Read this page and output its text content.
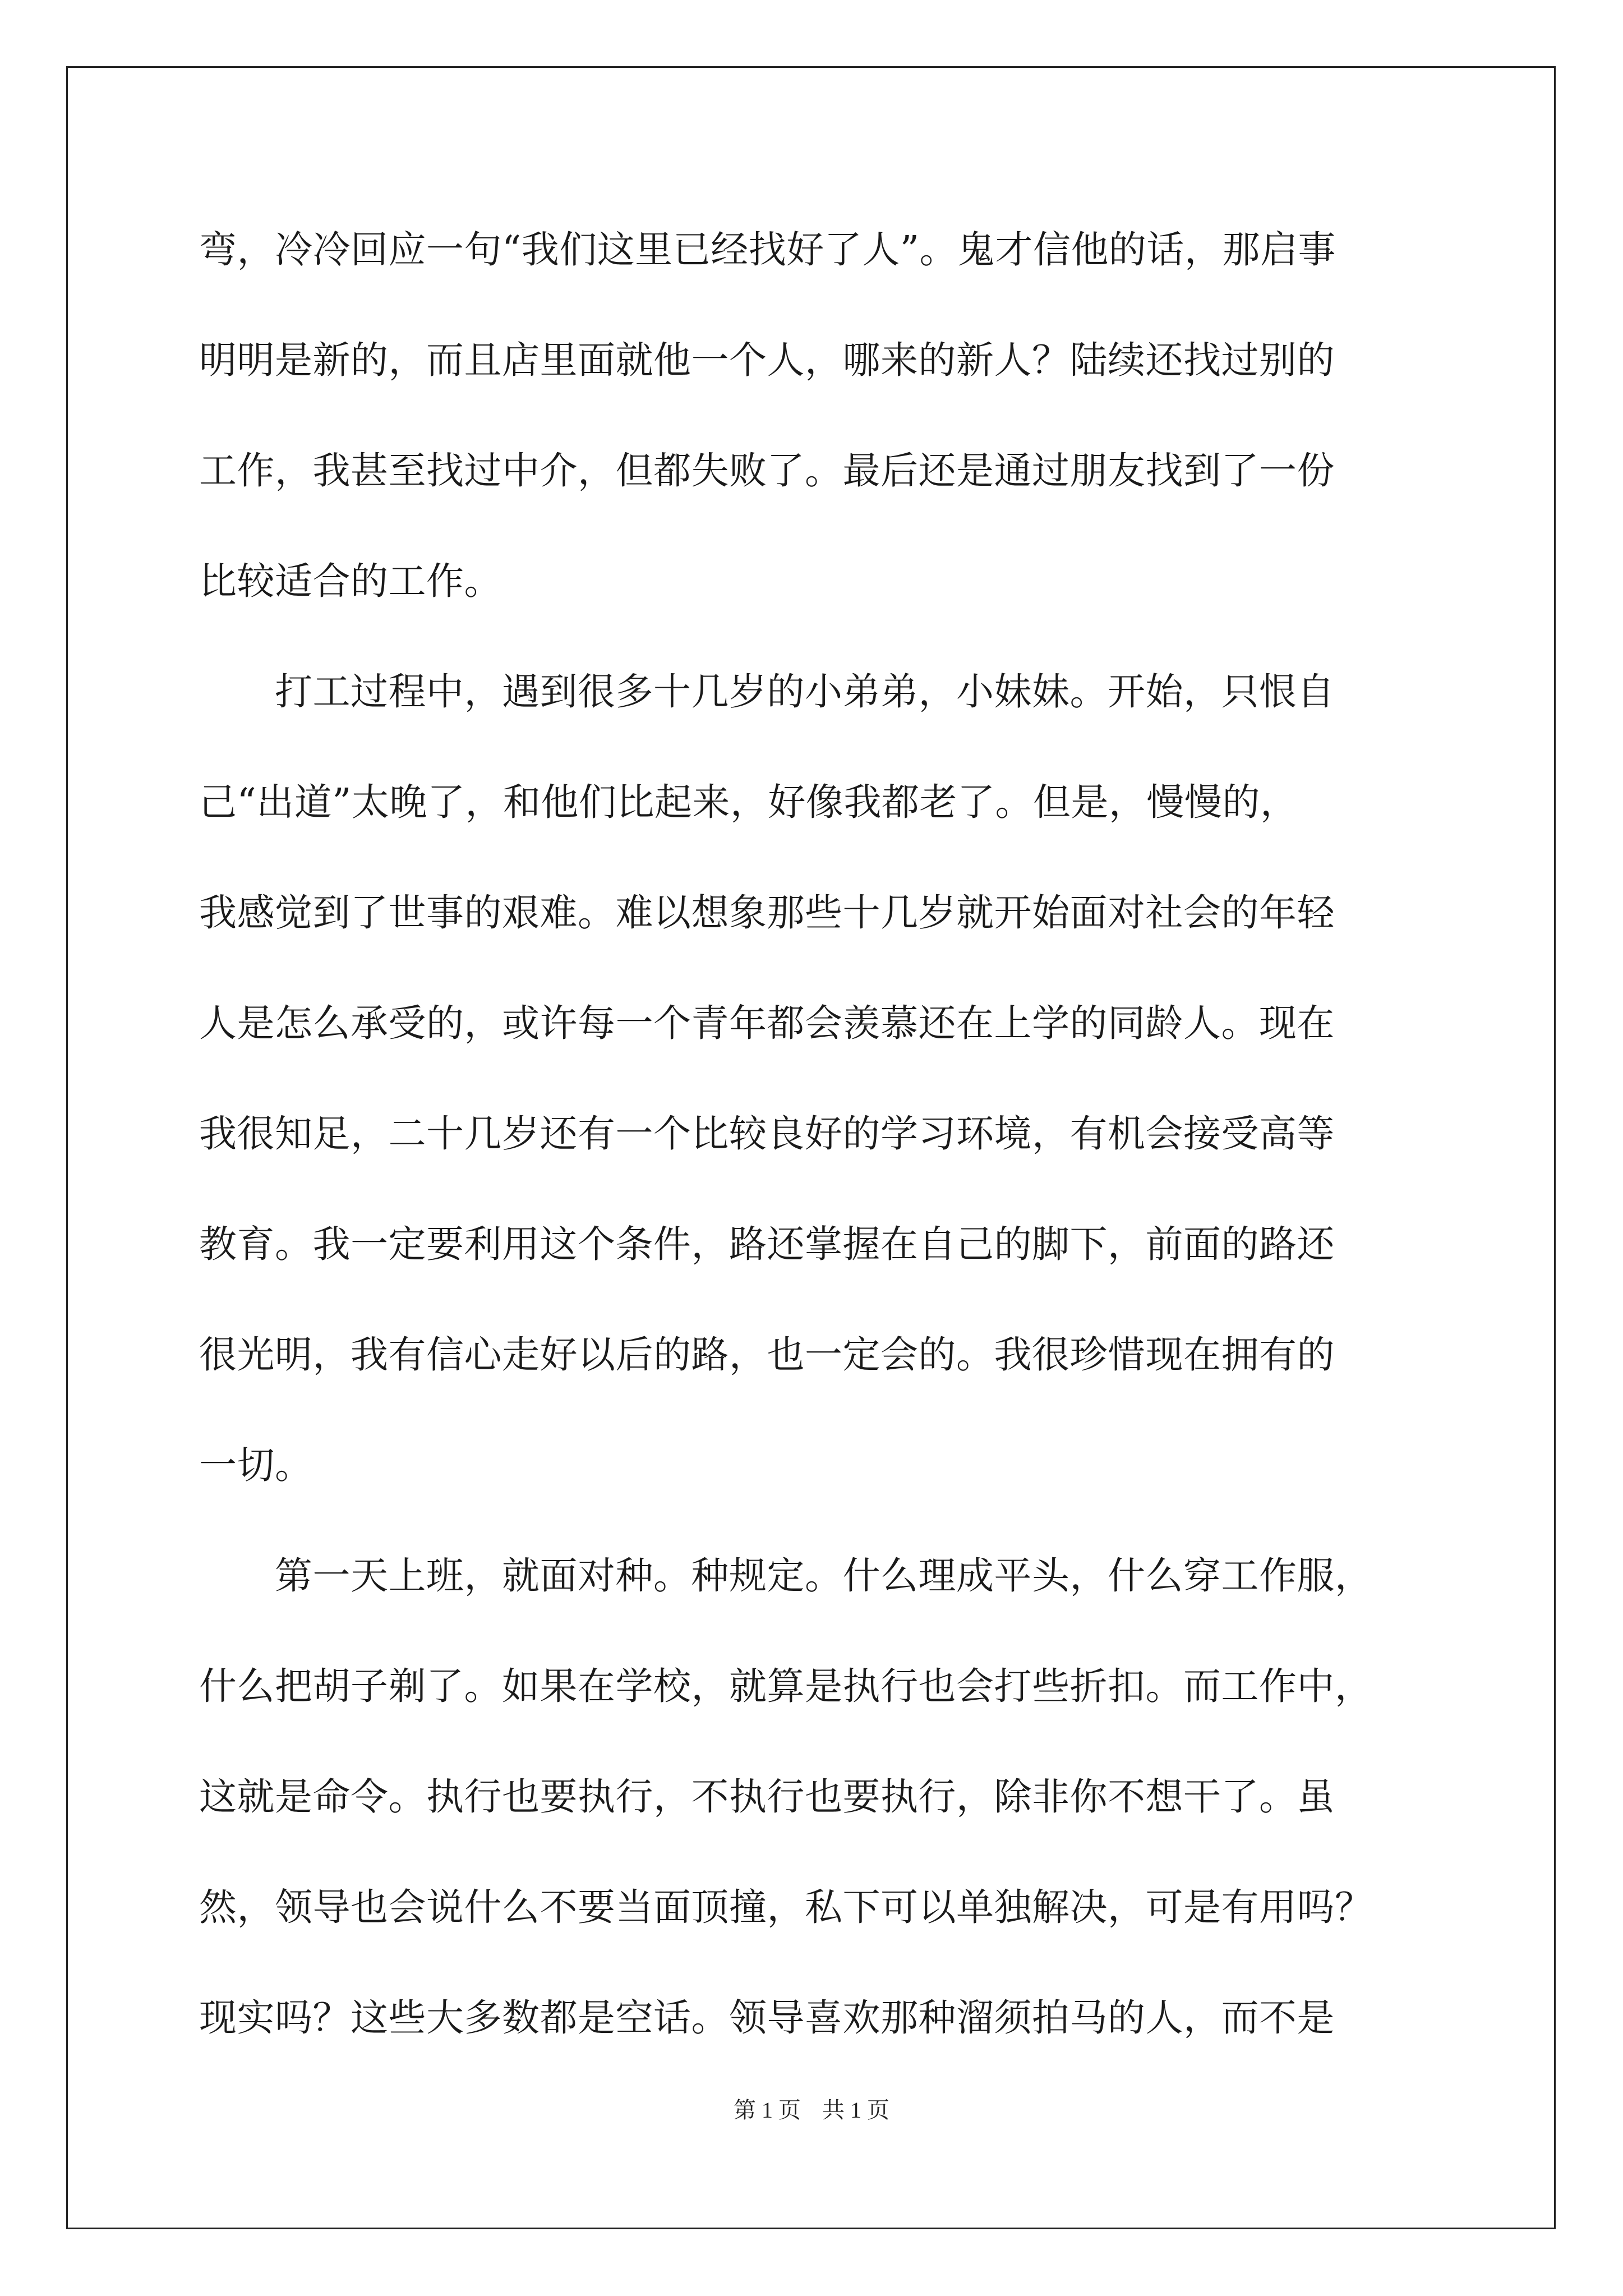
弯，冷冷回应一句“我们这里已经找好了人”。鬼才信他的话，那启事
明明是新的，而且店里面就他一个人，哪来的新人？陆续还找过别的
工作，我甚至找过中介，但都失败了。最后还是通过朋友找到了一份
比较适合的工作。
　　打工过程中，遇到很多十几岁的小弟弟，小妹妹。开始，只恨自
己“出道”太晚了，和他们比起来，好像我都老了。但是，慢慢的，
我感觉到了世事的艰难。难以想象那些十几岁就开始面对社会的年轻
人是怎么承受的，或许每一个青年都会羡慕还在上学的同龄人。现在
我很知足，二十几岁还有一个比较良好的学习环境，有机会接受高等
教育。我一定要利用这个条件，路还掌握在自己的脚下，前面的路还
很光明，我有信心走好以后的路，也一定会的。我很珍惜现在拥有的
一切。
　　第一天上班，就面对种。种规定。什么理成平头，什么穿工作服，
什么把胡子剃了。如果在学校，就算是执行也会打些折扣。而工作中，
这就是命令。执行也要执行，不执行也要执行，除非你不想干了。虽
然，领导也会说什么不要当面顶撞，私下可以单独解决，可是有用吗？
现实吗？这些大多数都是空话。领导喜欢那种溜须拍马的人，而不是
第 1 页 共 1 页
